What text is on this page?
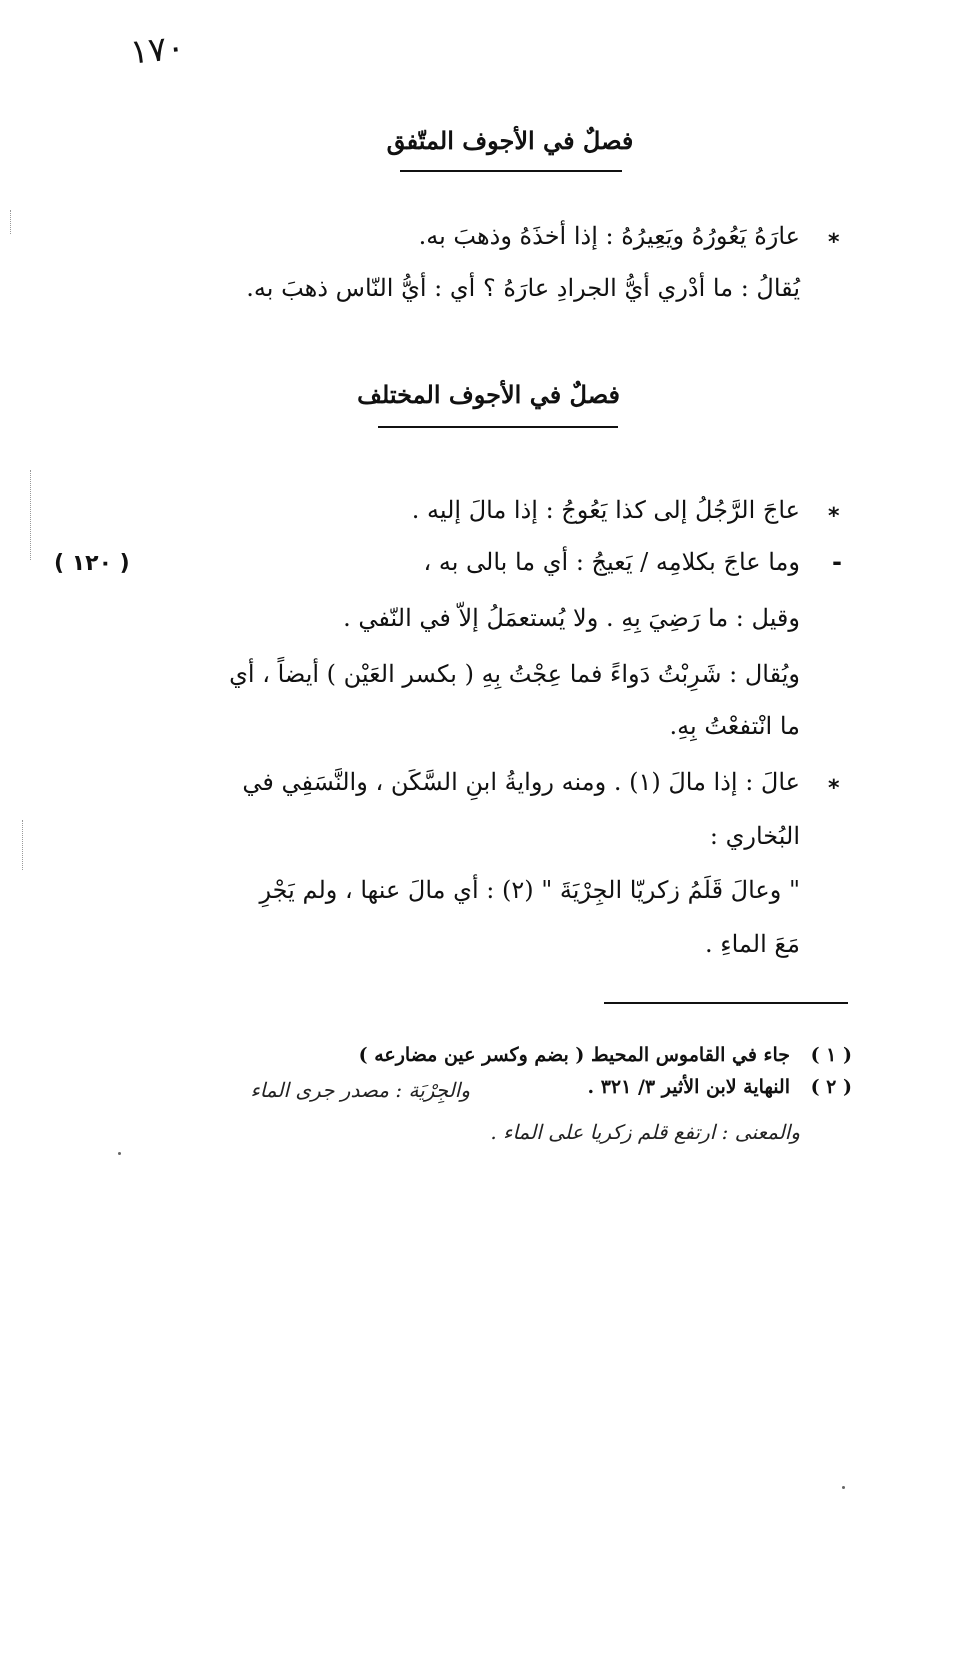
١٧٠
فصلٌ في الأجوف المتّفق
*
عارَهُ يَعُورُهُ ويَعِيرُهُ : إذا أخذَهُ وذهبَ به.
يُقالُ : ما أدْري أيُّ الجرادِ عارَهُ ؟ أي : أيُّ النّاس ذهبَ به.
فصلٌ في الأجوف المختلف
*
عاجَ الرَّجُلُ إلى كذا يَعُوجُ : إذا مالَ إليه .
-
وما عاجَ بكلامِه / يَعيجُ : أي ما بالى به ،
( ١٢٠ )
وقيل : ما رَضِيَ بِهِ . ولا يُستعمَلُ إلاّ في النّفي .
ويُقال : شَرِبْتُ دَواءً فما عِجْتُ بِهِ ( بكسر العَيْن ) أيضاً ، أي
ما انْتفعْتُ بِهِ.
*
عالَ : إذا مالَ (١) . ومنه روايةُ ابنِ السَّكَن ، والنَّسَفِي في
البُخاري :
" وعالَ قَلَمُ زكريّا الجِرْيَةَ " (٢) : أي مالَ عنها ، ولم يَجْرِ
مَعَ الماءِ .
( ١ )
جاء في القاموس المحيط ( بضم وكسر عين مضارعه )
( ٢ )
النهاية لابن الأثير ٣/ ٣٢١ .
والجِرْيَة : مصدر جرى الماء
والمعنى : ارتفع قلم زكريا على الماء .
